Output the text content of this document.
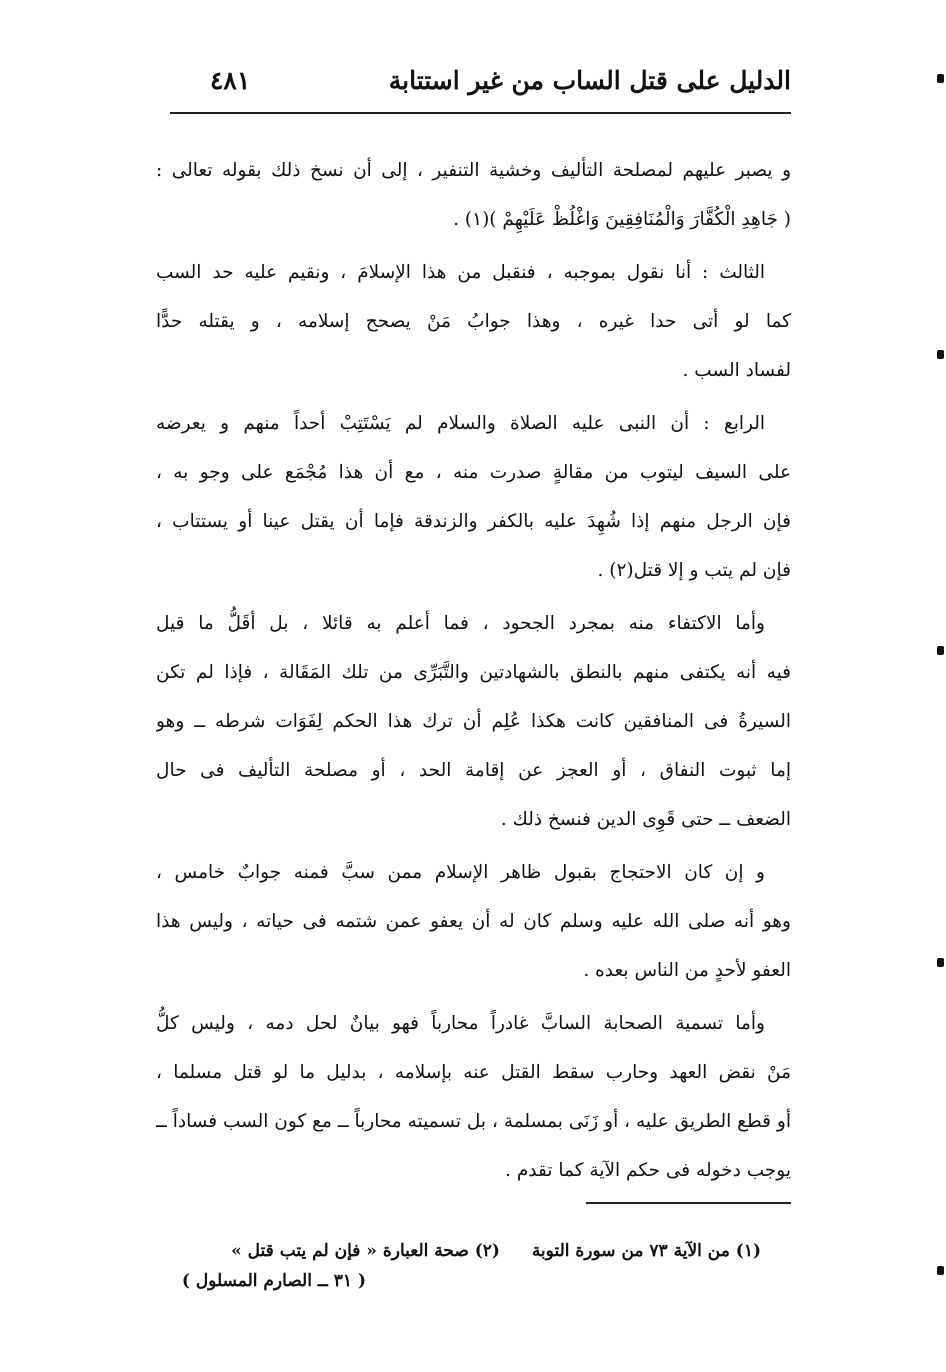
الدليل على قتل الساب من غير استتابة
٤٨١
و يصبر عليهم لمصلحة التأليف وخشية التنفير ، إلى أن نسخ ذلك بقوله تعالى :
( جَاهِدِ الْكُفَّارَ وَالْمُنَافِقِينَ وَاغْلُظْ عَلَيْهِمْ )(١) .
الثالث : أنا نقول بموجبه ، فنقبل من هذا الإسلامَ ، ونقيم عليه حد السب
كما لو أتى حدا غيره ، وهذا جوابُ مَنْ يصحح إسلامه ، و يقتله حدًّا
لفساد السب .
الرابع : أن النبى عليه الصلاة والسلام لم يَسْتَتِبْ أحداً منهم و يعرضه
على السيف ليتوب من مقالةٍ صدرت منه ، مع أن هذا مُجْمَع على وجو به ،
فإن الرجل منهم إذا شُهِدَ عليه بالكفر والزندقة فإما أن يقتل عينا أو يستتاب ،
فإن لم يتب و إلا قتل(٢) .
وأما الاكتفاء منه بمجرد الجحود ، فما أعلم به قائلا ، بل أقَلُّ ما قيل
فيه أنه يكتفى منهم بالنطق بالشهادتين والتَّبَرِّى من تلك المَقَالة ، فإذا لم تكن
السيرةُ فى المنافقين كانت هكذا عُلِم أن ترك هذا الحكم لِفَوَات شرطه ــ وهو
إما ثبوت النفاق ، أو العجز عن إقامة الحد ، أو مصلحة التأليف فى حال
الضعف ــ حتى قَوِى الدين فنسخ ذلك .
و إن كان الاحتجاج بقبول ظاهر الإسلام ممن سبَّ فمنه جوابٌ خامس ،
وهو أنه صلى الله عليه وسلم كان له أن يعفو عمن شتمه فى حياته ، وليس هذا
العفو لأحدٍ من الناس بعده .
وأما تسمية الصحابة السابَّ غادراً محارباً فهو بيانٌ لحل دمه ، وليس كلُّ
مَنْ نقض العهد وحارب سقط القتل عنه بإسلامه ، بدليل ما لو قتل مسلما ،
أو قطع الطريق عليه ، أو زَنَى بمسلمة ، بل تسميته محارباً ــ مع كون السب فساداً ــ
يوجب دخوله فى حكم الآية كما تقدم .
(١) من الآية ٧٣ من سورة التوبة  (٢) صحة العبارة « فإن لم يتب قتل »
( ٣١ ــ الصارم المسلول )
